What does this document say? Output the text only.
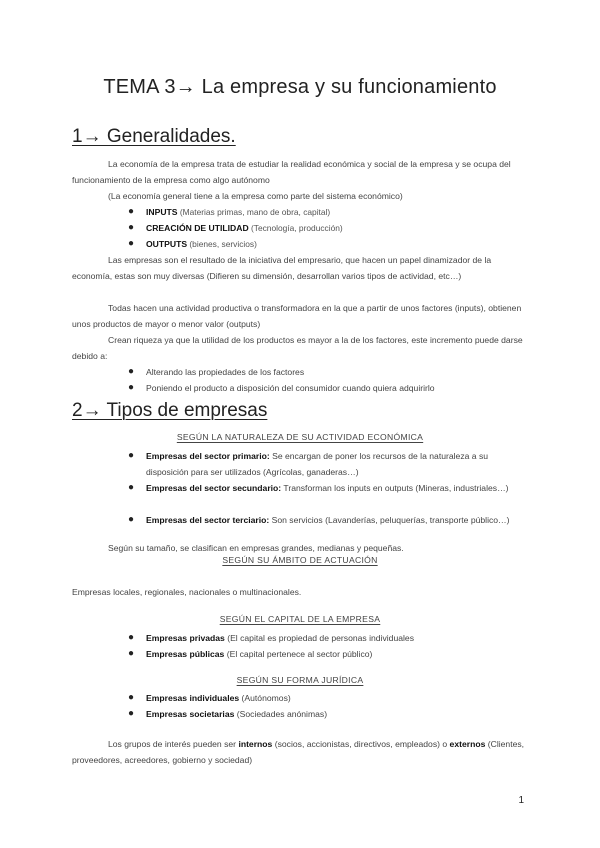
TEMA 3→ La empresa y su funcionamiento
1→ Generalidades.
La economía de la empresa trata de estudiar la realidad económica y social de la empresa y se ocupa del funcionamiento de la empresa como algo autónomo
(La economía general tiene a la empresa como parte del sistema económico)
● INPUTS (Materias primas, mano de obra, capital)
● CREACIÓN DE UTILIDAD (Tecnología, producción)
● OUTPUTS (bienes, servicios)
Las empresas son el resultado de la iniciativa del empresario, que hacen un papel dinamizador de la economía, estas son muy diversas (Difieren su dimensión, desarrollan varios tipos de actividad, etc…)
Todas hacen una actividad productiva o transformadora en la que a partir de unos factores (inputs), obtienen unos productos de mayor o menor valor (outputs)
Crean riqueza ya que la utilidad de los productos es mayor a la de los factores, este incremento puede darse debido a:
● Alterando las propiedades de los factores
● Poniendo el producto a disposición del consumidor cuando quiera adquirirlo
2→ Tipos de empresas
SEGÚN LA NATURALEZA DE SU ACTIVIDAD ECONÓMICA
● Empresas del sector primario: Se encargan de poner los recursos de la naturaleza a su disposición para ser utilizados (Agrícolas, ganaderas…)
● Empresas del sector secundario: Transforman los inputs en outputs (Mineras, industriales…)
● Empresas del sector terciario: Son servicios (Lavanderías, peluquerías, transporte público…)
Según su tamaño, se clasifican en empresas grandes, medianas y pequeñas.
SEGÚN SU ÁMBITO DE ACTUACIÓN
Empresas locales, regionales, nacionales o multinacionales.
SEGÚN EL CAPITAL DE LA EMPRESA
● Empresas privadas (El capital es propiedad de personas individuales
● Empresas públicas (El capital pertenece al sector público)
SEGÚN SU FORMA JURÍDICA
● Empresas individuales (Autónomos)
● Empresas societarias (Sociedades anónimas)
Los grupos de interés pueden ser internos (socios, accionistas, directivos, empleados) o externos (Clientes, proveedores, acreedores, gobierno y sociedad)
1
